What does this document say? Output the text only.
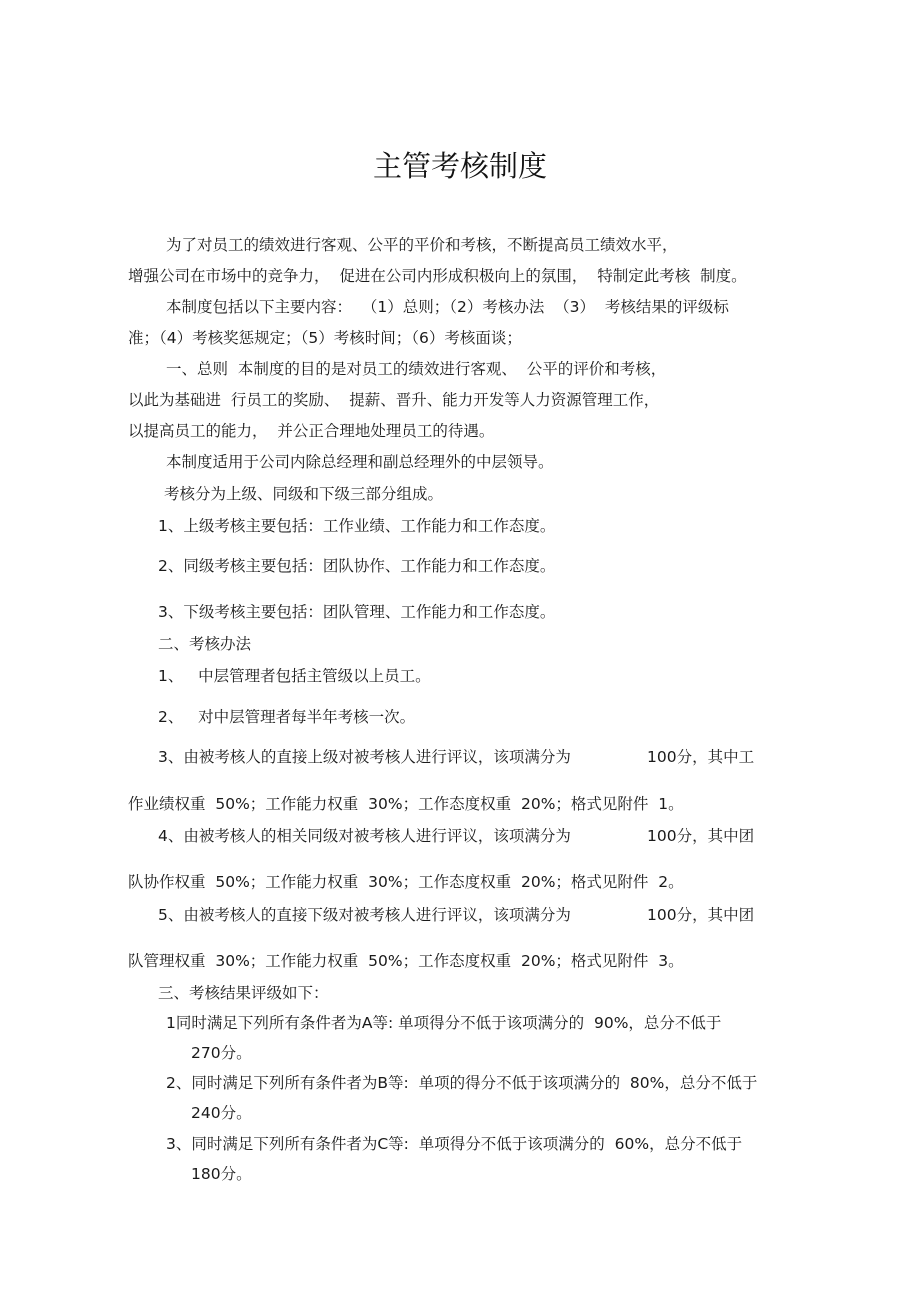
主管考核制度
为了对员工的绩效进行客观、公平的平价和考核，不断提高员工绩效水平，
增强公司在市场中的竞争力，  促进在公司内形成积极向上的氛围，  特制定此考核  制度。
本制度包括以下主要内容：  （1）总则；（2）考核办法  （3）  考核结果的评级标
准；（4）考核奖惩规定；（5）考核时间；（6）考核面谈；
一、总则  本制度的目的是对员工的绩效进行客观、  公平的评价和考核，
以此为基础进  行员工的奖励、  提薪、晋升、能力开发等人力资源管理工作，
以提高员工的能力，  并公正合理地处理员工的待遇。
本制度适用于公司内除总经理和副总经理外的中层领导。
考核分为上级、同级和下级三部分组成。
1、上级考核主要包括：工作业绩、工作能力和工作态度。
2、同级考核主要包括：团队协作、工作能力和工作态度。
3、下级考核主要包括：团队管理、工作能力和工作态度。
二、考核办法
1、   中层管理者包括主管级以上员工。
2、   对中层管理者每半年考核一次。
3、由被考核人的直接上级对被考核人进行评议，该项满分为	100分，其中工
作业绩权重  50%；工作能力权重  30%；工作态度权重  20%；格式见附件  1。
4、由被考核人的相关同级对被考核人进行评议，该项满分为	100分，其中团
队协作权重  50%；工作能力权重  30%；工作态度权重  20%；格式见附件  2。
5、由被考核人的直接下级对被考核人进行评议，该项满分为	100分，其中团
队管理权重  30%；工作能力权重  50%；工作态度权重  20%；格式见附件  3。
三、考核结果评级如下：
1同时满足下列所有条件者为A等: 单项得分不低于该项满分的  90%，总分不低于
270分。
2、同时满足下列所有条件者为B等:  单项的得分不低于该项满分的  80%，总分不低于
240分。
3、同时满足下列所有条件者为C等:  单项得分不低于该项满分的  60%，总分不低于
180分。
